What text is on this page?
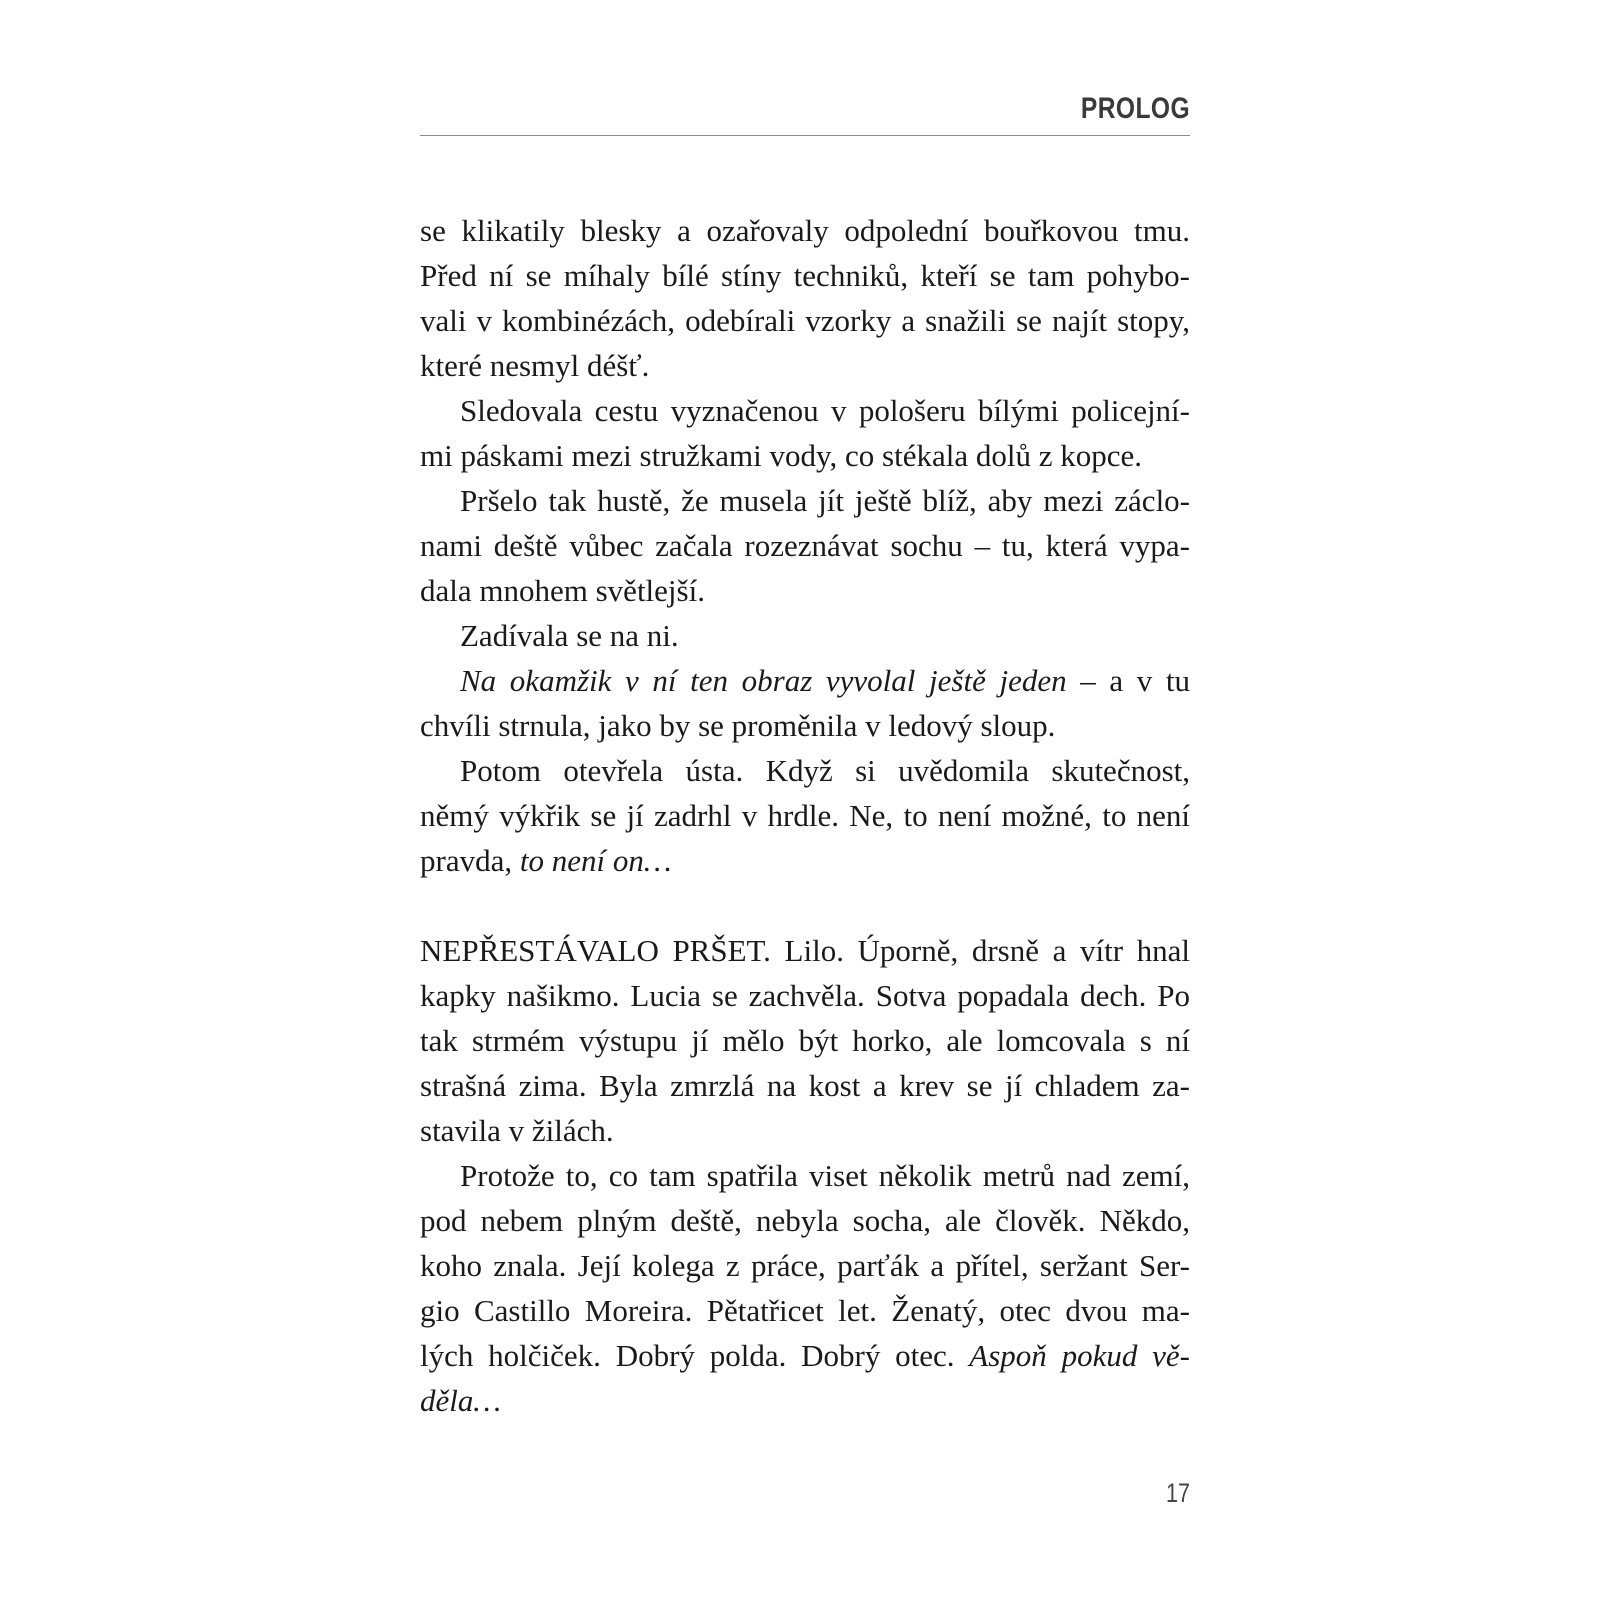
PROLOG
se klikatily blesky a ozařovaly odpolední bouřkovou tmu.
Před ní se míhaly bílé stíny techniků, kteří se tam pohybo-
vali v kombinézách, odebírali vzorky a snažili se najít stopy,
které nesmyl déšť.
Sledovala cestu vyznačenou v pološeru bílými policejní-
mi páskami mezi stružkami vody, co stékala dolů z kopce.
Pršelo tak hustě, že musela jít ještě blíž, aby mezi záclo-
nami deště vůbec začala rozeznávat sochu – tu, která vypa-
dala mnohem světlejší.
Zadívala se na ni.
Na okamžik v ní ten obraz vyvolal ještě jeden – a v tu
chvíli strnula, jako by se proměnila v ledový sloup.
Potom otevřela ústa. Když si uvědomila skutečnost,
němý výkřik se jí zadrhl v hrdle. Ne, to není možné, to není
pravda, to není on…
NEPŘESTÁVALO PRŠET. Lilo. Úporně, drsně a vítr hnal
kapky našikmo. Lucia se zachvěla. Sotva popadala dech. Po
tak strmém výstupu jí mělo být horko, ale lomcovala s ní
strašná zima. Byla zmrzlá na kost a krev se jí chladem za-
stavila v žilách.
Protože to, co tam spatřila viset několik metrů nad zemí,
pod nebem plným deště, nebyla socha, ale člověk. Někdo,
koho znala. Její kolega z práce, parťák a přítel, seržant Ser-
gio Castillo Moreira. Pětatřicet let. Ženatý, otec dvou ma-
lých holčiček. Dobrý polda. Dobrý otec. Aspoň pokud vě-
děla…
17
